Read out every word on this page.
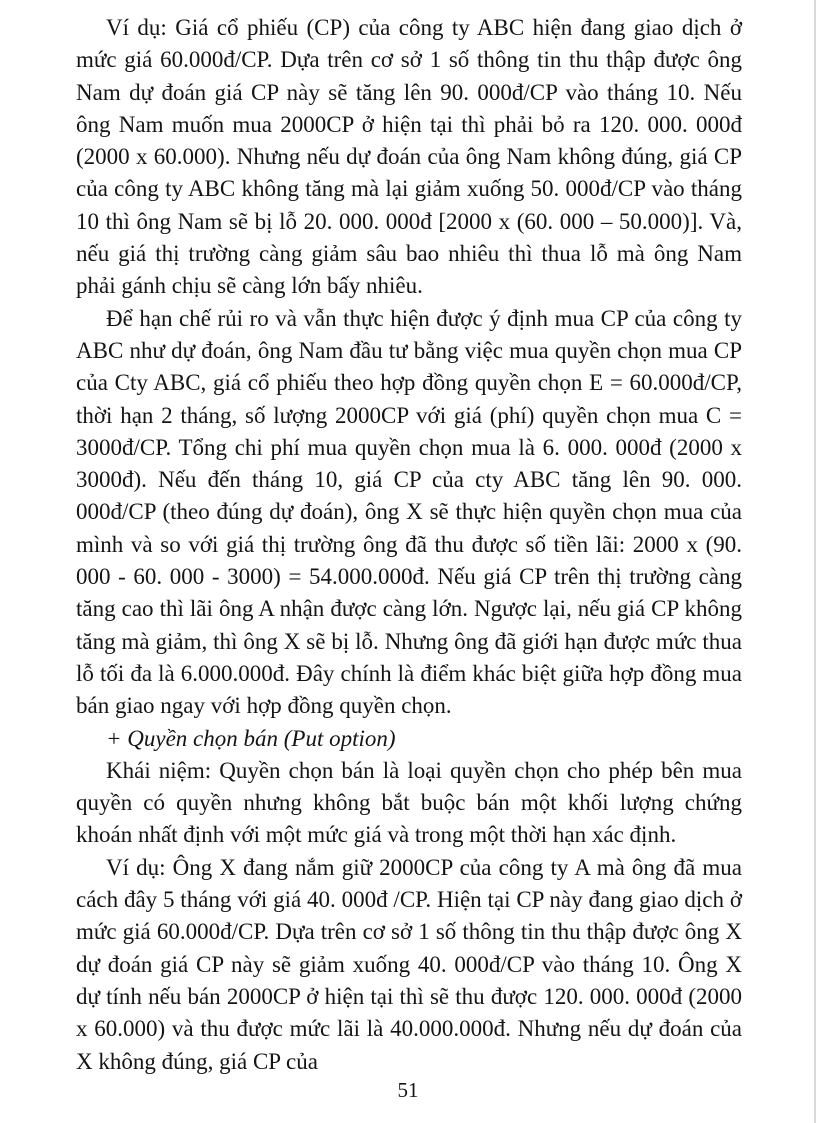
Ví dụ: Giá cổ phiếu (CP) của công ty ABC hiện đang giao dịch ở mức giá 60.000đ/CP. Dựa trên cơ sở 1 số thông tin thu thập được ông Nam dự đoán giá CP này sẽ tăng lên 90. 000đ/CP vào tháng 10. Nếu ông Nam muốn mua 2000CP ở hiện tại thì phải bỏ ra 120. 000. 000đ (2000 x 60.000). Nhưng nếu dự đoán của ông Nam không đúng, giá CP của công ty ABC không tăng mà lại giảm xuống 50. 000đ/CP vào tháng 10 thì ông Nam sẽ bị lỗ 20. 000. 000đ [2000 x (60. 000 – 50.000)]. Và, nếu giá thị trường càng giảm sâu bao nhiêu thì thua lỗ mà ông Nam phải gánh chịu sẽ càng lớn bấy nhiêu.

Để hạn chế rủi ro và vẫn thực hiện được ý định mua CP của công ty ABC như dự đoán, ông Nam đầu tư bằng việc mua quyền chọn mua CP của Cty ABC, giá cổ phiếu theo hợp đồng quyền chọn E = 60.000đ/CP, thời hạn 2 tháng, số lượng 2000CP với giá (phí) quyền chọn mua C = 3000đ/CP. Tổng chi phí mua quyền chọn mua là 6. 000. 000đ (2000 x 3000đ). Nếu đến tháng 10, giá CP của cty ABC tăng lên 90. 000. 000đ/CP (theo đúng dự đoán), ông X sẽ thực hiện quyền chọn mua của mình và so với giá thị trường ông đã thu được số tiền lãi: 2000 x (90. 000 - 60. 000 - 3000) = 54.000.000đ. Nếu giá CP trên thị trường càng tăng cao thì lãi ông A nhận được càng lớn. Ngược lại, nếu giá CP không tăng mà giảm, thì ông X sẽ bị lỗ. Nhưng ông đã giới hạn được mức thua lỗ tối đa là 6.000.000đ. Đây chính là điểm khác biệt giữa hợp đồng mua bán giao ngay với hợp đồng quyền chọn.

+ Quyền chọn bán (Put option)

Khái niệm: Quyền chọn bán là loại quyền chọn cho phép bên mua quyền có quyền nhưng không bắt buộc bán một khối lượng chứng khoán nhất định với một mức giá và trong một thời hạn xác định.

Ví dụ: Ông X đang nắm giữ 2000CP của công ty A mà ông đã mua cách đây 5 tháng với giá 40. 000đ /CP. Hiện tại CP này đang giao dịch ở mức giá 60.000đ/CP. Dựa trên cơ sở 1 số thông tin thu thập được ông X dự đoán giá CP này sẽ giảm xuống 40. 000đ/CP vào tháng 10. Ông X dự tính nếu bán 2000CP ở hiện tại thì sẽ thu được 120. 000. 000đ (2000 x 60.000) và thu được mức lãi là 40.000.000đ. Nhưng nếu dự đoán của X không đúng, giá CP của

51
